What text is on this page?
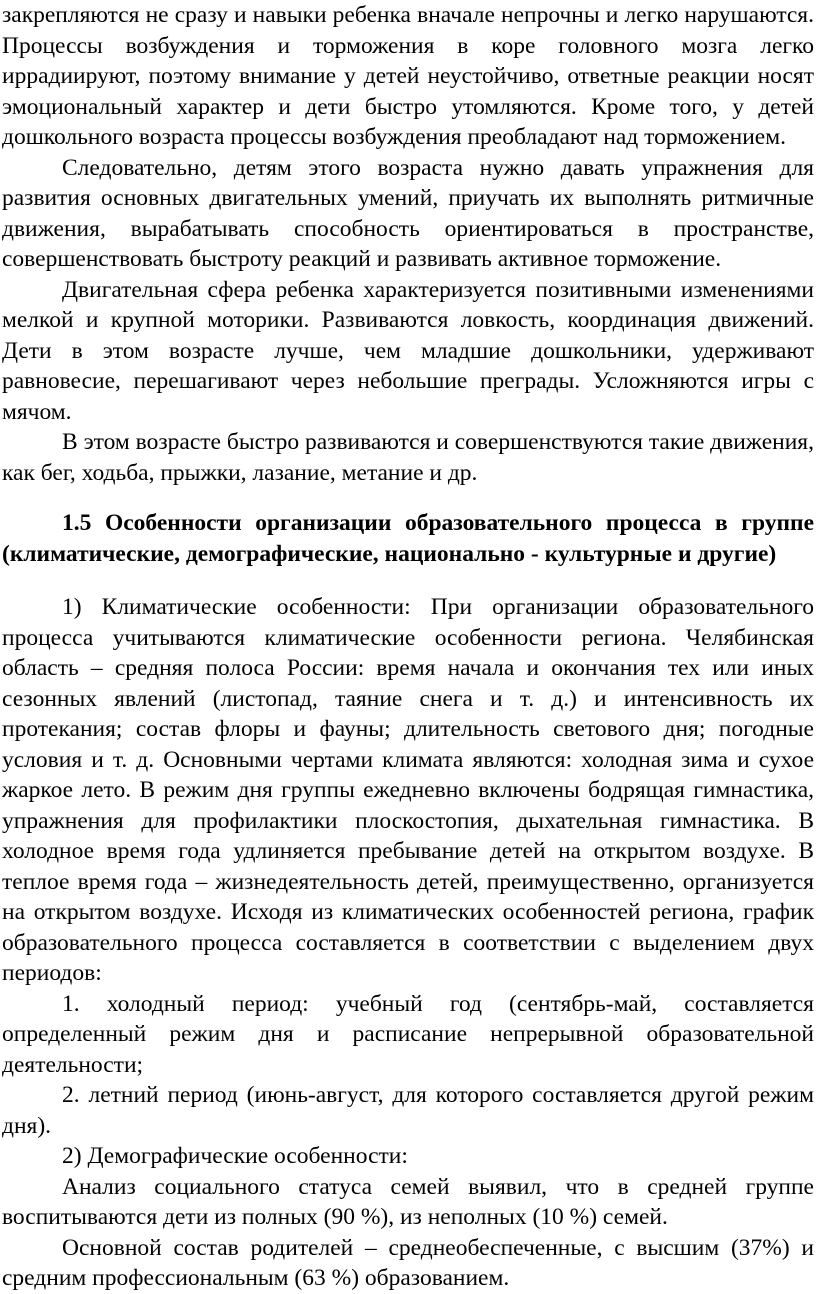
закрепляются не сразу и навыки ребенка вначале непрочны и легко нарушаются. Процессы возбуждения и торможения в коре головного мозга легко иррадиируют, поэтому внимание у детей неустойчиво, ответные реакции носят эмоциональный характер и дети быстро утомляются. Кроме того, у детей дошкольного возраста процессы возбуждения преобладают над торможением.

Следовательно, детям этого возраста нужно давать упражнения для развития основных двигательных умений, приучать их выполнять ритмичные движения, вырабатывать способность ориентироваться в пространстве, совершенствовать быстроту реакций и развивать активное торможение.

Двигательная сфера ребенка характеризуется позитивными изменениями мелкой и крупной моторики. Развиваются ловкость, координация движений. Дети в этом возрасте лучше, чем младшие дошкольники, удерживают равновесие, перешагивают через небольшие преграды. Усложняются игры с мячом.

В этом возрасте быстро развиваются и совершенствуются такие движения, как бег, ходьба, прыжки, лазание, метание и др.

1.5 Особенности организации образовательного процесса в группе (климатические, демографические, национально - культурные и другие)

1) Климатические особенности: При организации образовательного процесса учитываются климатические особенности региона. Челябинская область – средняя полоса России: время начала и окончания тех или иных сезонных явлений (листопад, таяние снега и т. д.) и интенсивность их протекания; состав флоры и фауны; длительность светового дня; погодные условия и т. д. Основными чертами климата являются: холодная зима и сухое жаркое лето. В режим дня группы ежедневно включены бодрящая гимнастика, упражнения для профилактики плоскостопия, дыхательная гимнастика. В холодное время года удлиняется пребывание детей на открытом воздухе. В теплое время года – жизнедеятельность детей, преимущественно, организуется на открытом воздухе. Исходя из климатических особенностей региона, график образовательного процесса составляется в соответствии с выделением двух периодов:

1. холодный период: учебный год (сентябрь-май, составляется определенный режим дня и расписание непрерывной образовательной деятельности;

2. летний период (июнь-август, для которого составляется другой режим дня).

2) Демографические особенности:

Анализ социального статуса семей выявил, что в средней группе воспитываются дети из полных (90 %), из неполных (10 %) семей.

Основной состав родителей – среднеобеспеченные, с высшим (37%) и средним профессиональным (63 %) образованием.
